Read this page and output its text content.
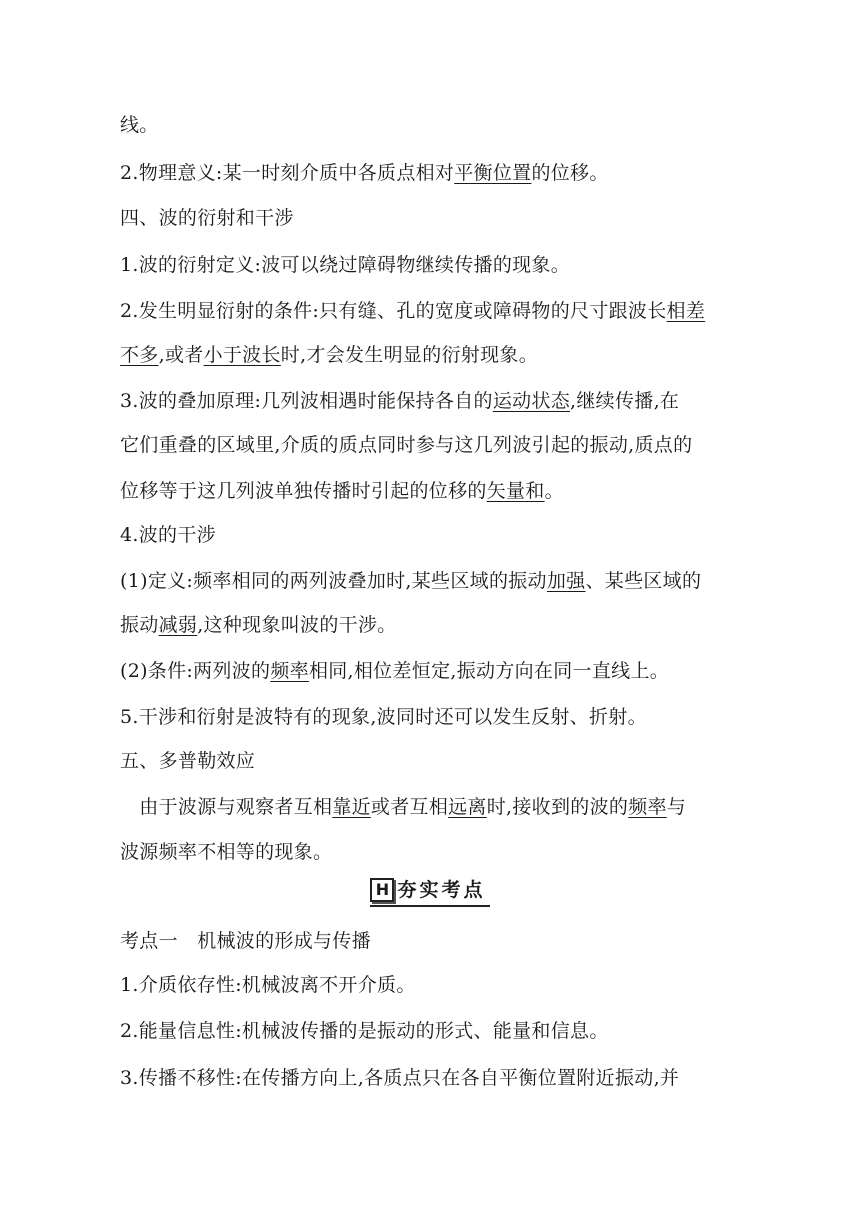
线。
2.物理意义:某一时刻介质中各质点相对平衡位置的位移。
四、波的衍射和干涉
1.波的衍射定义:波可以绕过障碍物继续传播的现象。
2.发生明显衍射的条件:只有缝、孔的宽度或障碍物的尺寸跟波长相差
不多,或者小于波长时,才会发生明显的衍射现象。
3.波的叠加原理:几列波相遇时能保持各自的运动状态,继续传播,在
它们重叠的区域里,介质的质点同时参与这几列波引起的振动,质点的
位移等于这几列波单独传播时引起的位移的矢量和。
4.波的干涉
(1)定义:频率相同的两列波叠加时,某些区域的振动加强、某些区域的
振动减弱,这种现象叫波的干涉。
(2)条件:两列波的频率相同,相位差恒定,振动方向在同一直线上。
5.干涉和衍射是波特有的现象,波同时还可以发生反射、折射。
五、多普勒效应
　由于波源与观察者互相靠近或者互相远离时,接收到的波的频率与
波源频率不相等的现象。
H 夯实考点
考点一　机械波的形成与传播
1.介质依存性:机械波离不开介质。
2.能量信息性:机械波传播的是振动的形式、能量和信息。
3.传播不移性:在传播方向上,各质点只在各自平衡位置附近振动,并
